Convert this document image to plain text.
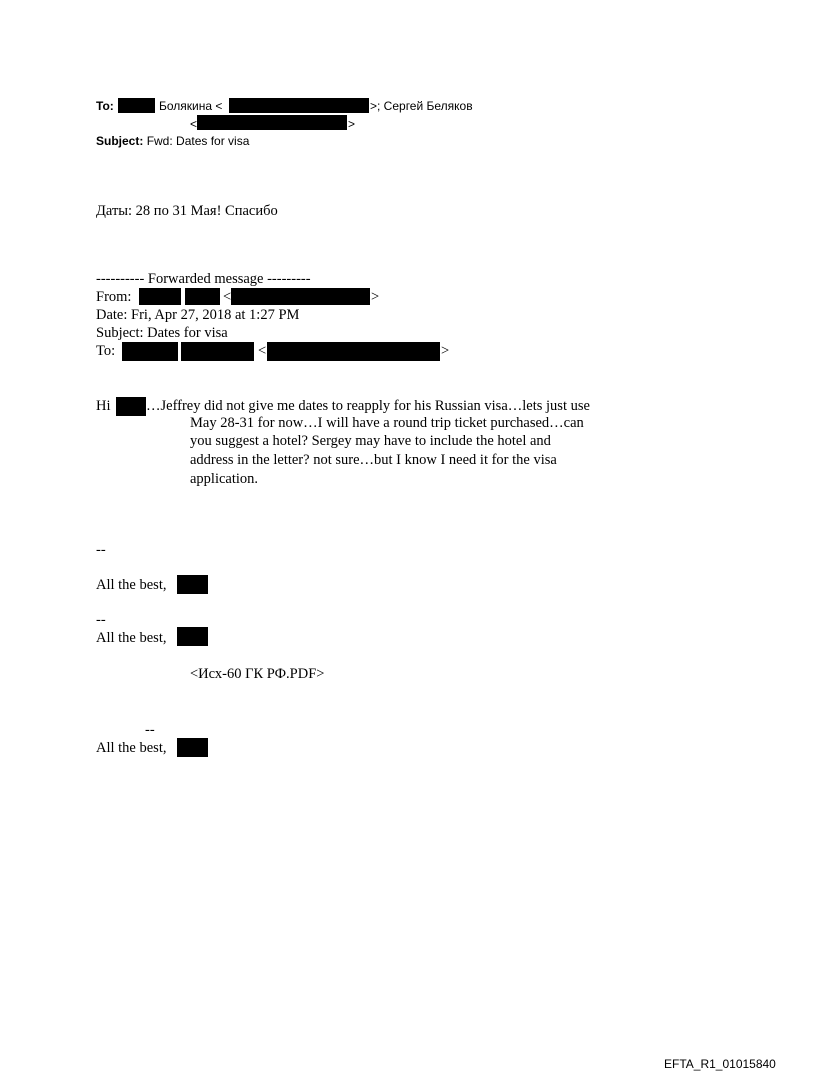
To:	Болякина <	>; Сергей Беляков
<	>
Subject: Fwd: Dates for visa
Даты: 28 по 31 Мая! Спасибо
---------- Forwarded message ---------
From:	<	>
Date: Fri, Apr 27, 2018 at 1:27 PM
Subject: Dates for visa
To:	<	>
Hi …Jeffrey did not give me dates to reapply for his Russian visa…lets just use
May 28-31 for now…I will have a round trip ticket purchased…can
you suggest a hotel? Sergey may have to include the hotel and
address in the letter? not sure…but I know I need it for the visa
application.
--
All the best,
--
All the best,
<Исх-60 ГК РФ.PDF>
--
All the best,
EFTA_R1_01015840
